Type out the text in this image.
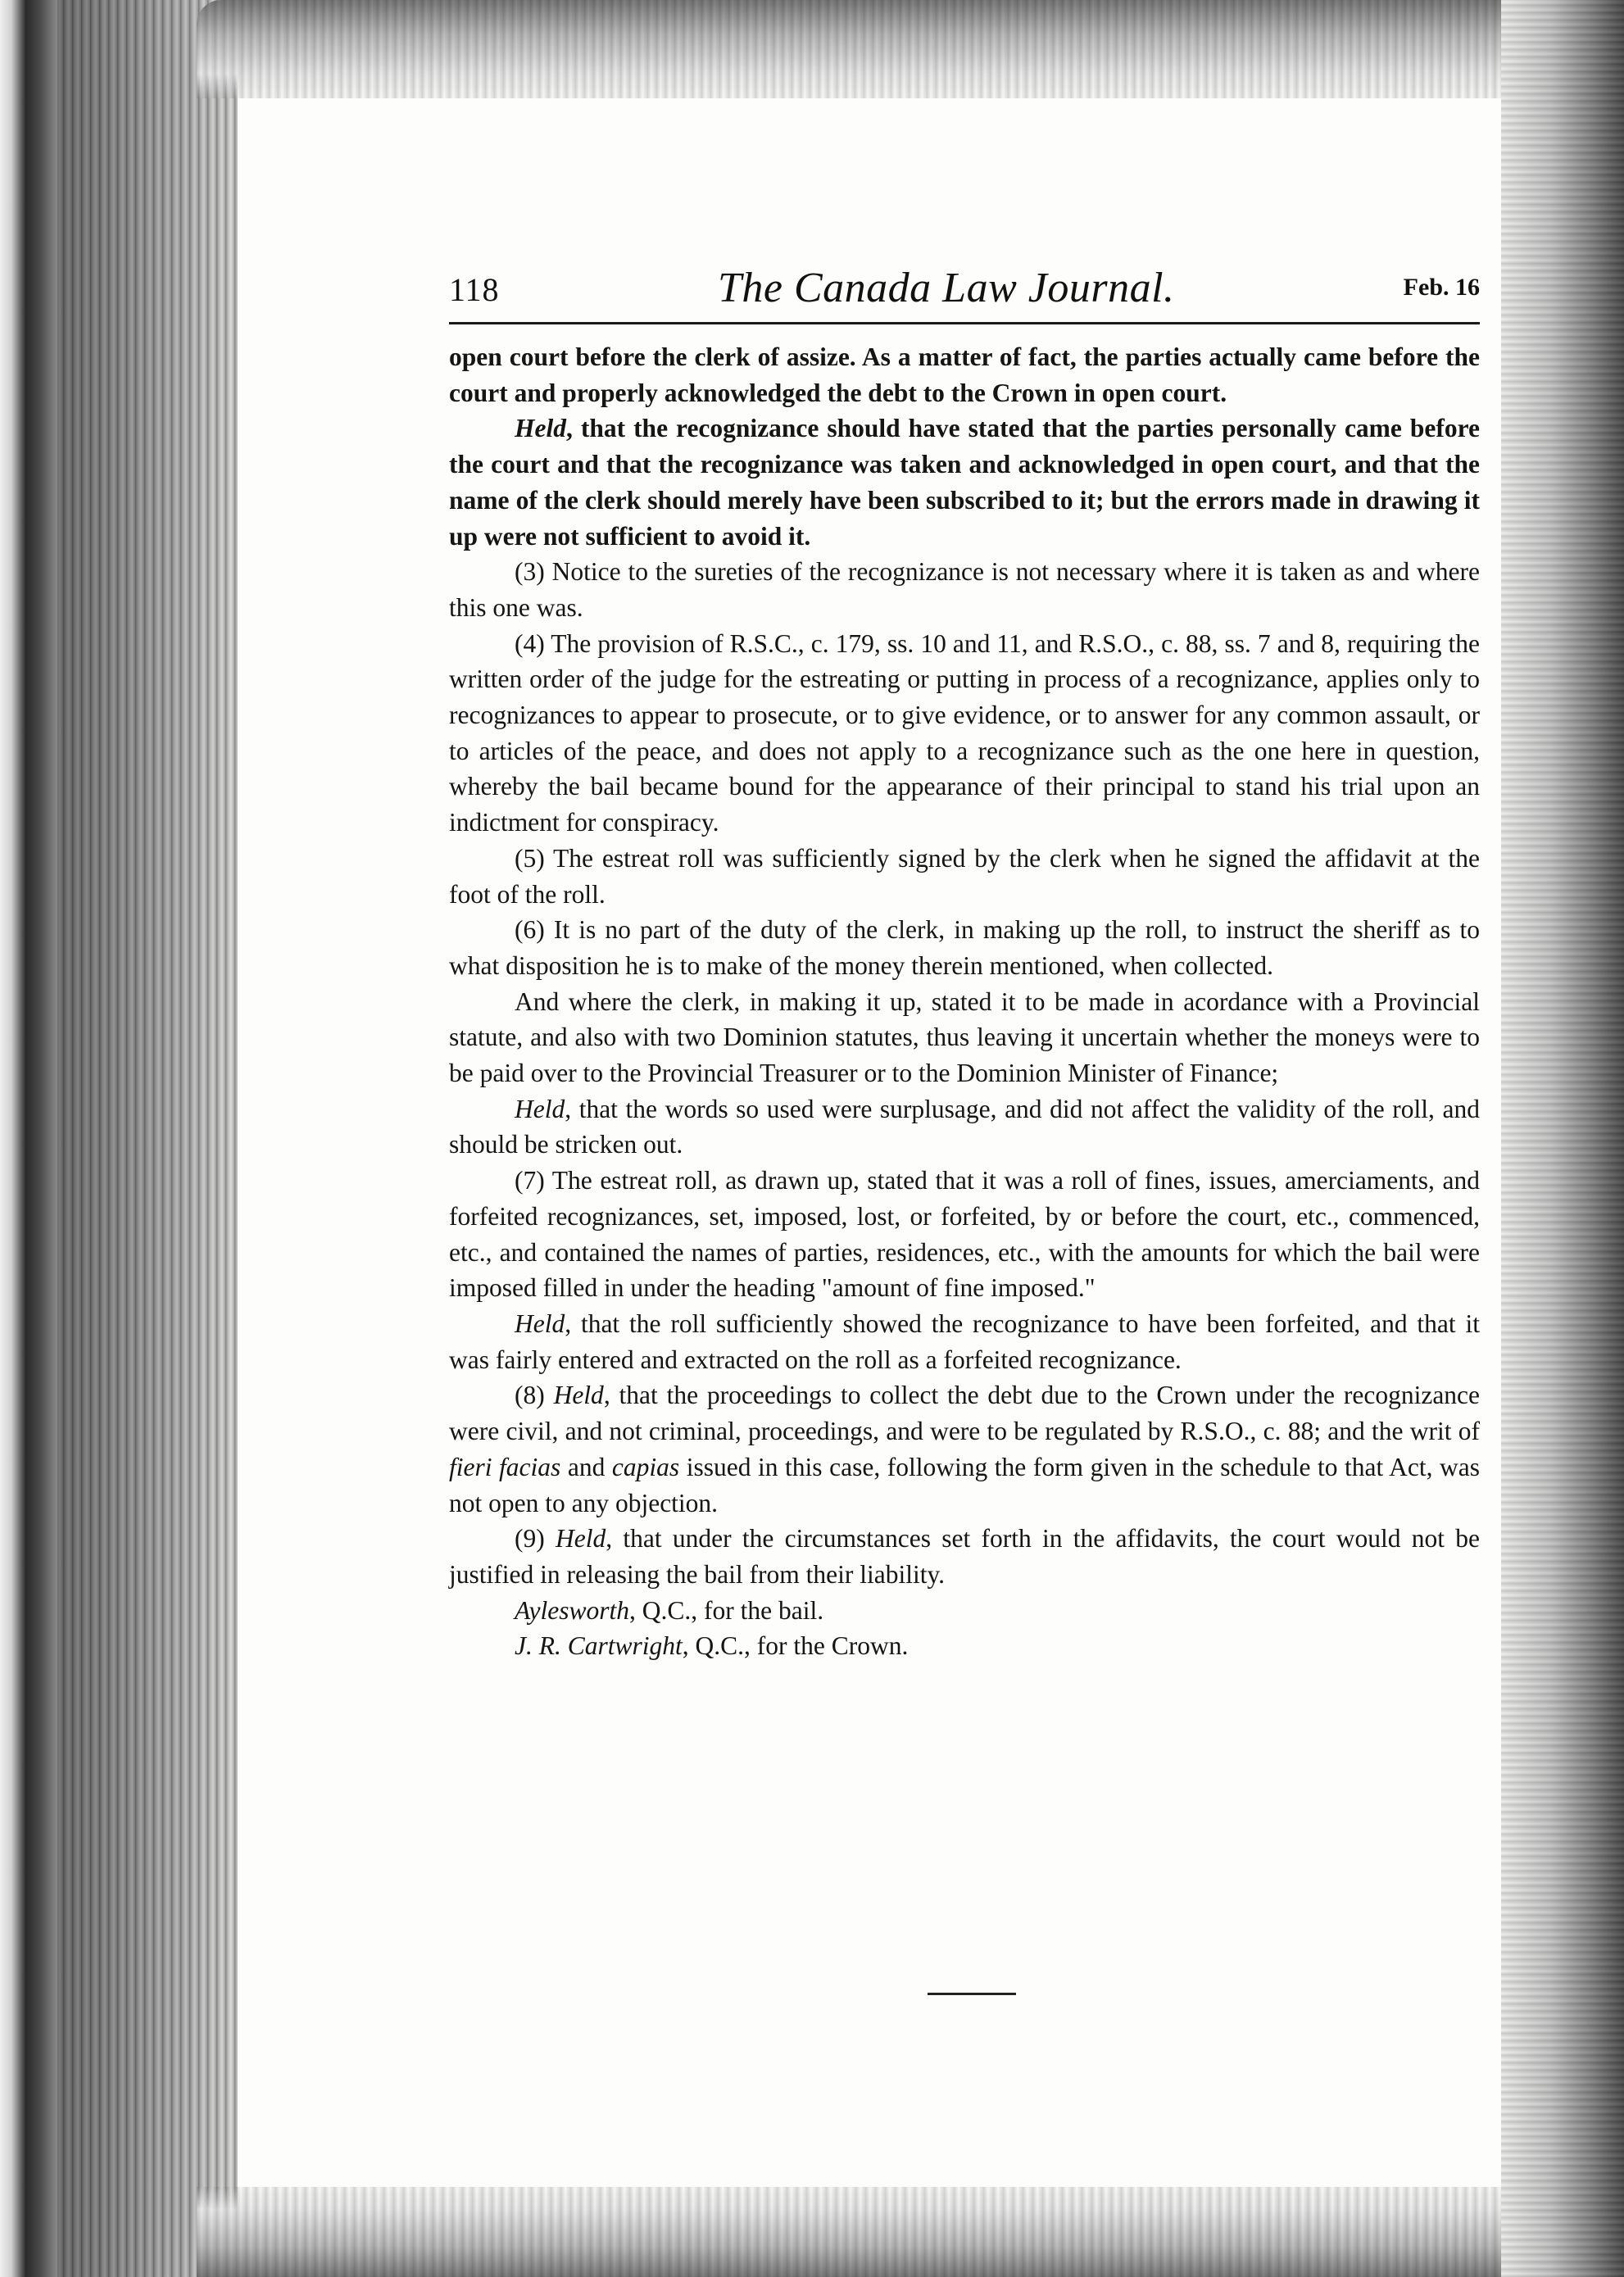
118	The Canada Law Journal.	Feb. 16

open court before the clerk of assize. As a matter of fact, the parties actually came before the court and properly acknowledged the debt to the Crown in open court.

Held, that the recognizance should have stated that the parties personally came before the court and that the recognizance was taken and acknowledged in open court, and that the name of the clerk should merely have been subscribed to it; but the errors made in drawing it up were not sufficient to avoid it.

(3) Notice to the sureties of the recognizance is not necessary where it is taken as and where this one was.

(4) The provision of R.S.C., c. 179, ss. 10 and 11, and R.S.O., c. 88, ss. 7 and 8, requiring the written order of the judge for the estreating or putting in process of a recognizance, applies only to recognizances to appear to prosecute, or to give evidence, or to answer for any common assault, or to articles of the peace, and does not apply to a recognizance such as the one here in question, whereby the bail became bound for the appearance of their principal to stand his trial upon an indictment for conspiracy.

(5) The estreat roll was sufficiently signed by the clerk when he signed the affidavit at the foot of the roll.

(6) It is no part of the duty of the clerk, in making up the roll, to instruct the sheriff as to what disposition he is to make of the money therein mentioned, when collected.

And where the clerk, in making it up, stated it to be made in acordance with a Provincial statute, and also with two Dominion statutes, thus leaving it uncertain whether the moneys were to be paid over to the Provincial Treasurer or to the Dominion Minister of Finance;

Held, that the words so used were surplusage, and did not affect the validity of the roll, and should be stricken out.

(7) The estreat roll, as drawn up, stated that it was a roll of fines, issues, amerciaments, and forfeited recognizances, set, imposed, lost, or forfeited, by or before the court, etc., commenced, etc., and contained the names of parties, residences, etc., with the amounts for which the bail were imposed filled in under the heading "amount of fine imposed."

Held, that the roll sufficiently showed the recognizance to have been forfeited, and that it was fairly entered and extracted on the roll as a forfeited recognizance.

(8) Held, that the proceedings to collect the debt due to the Crown under the recognizance were civil, and not criminal, proceedings, and were to be regulated by R.S.O., c. 88; and the writ of fieri facias and capias issued in this case, following the form given in the schedule to that Act, was not open to any objection.

(9) Held, that under the circumstances set forth in the affidavits, the court would not be justified in releasing the bail from their liability.

Aylesworth, Q.C., for the bail.

J. R. Cartwright, Q.C., for the Crown.
